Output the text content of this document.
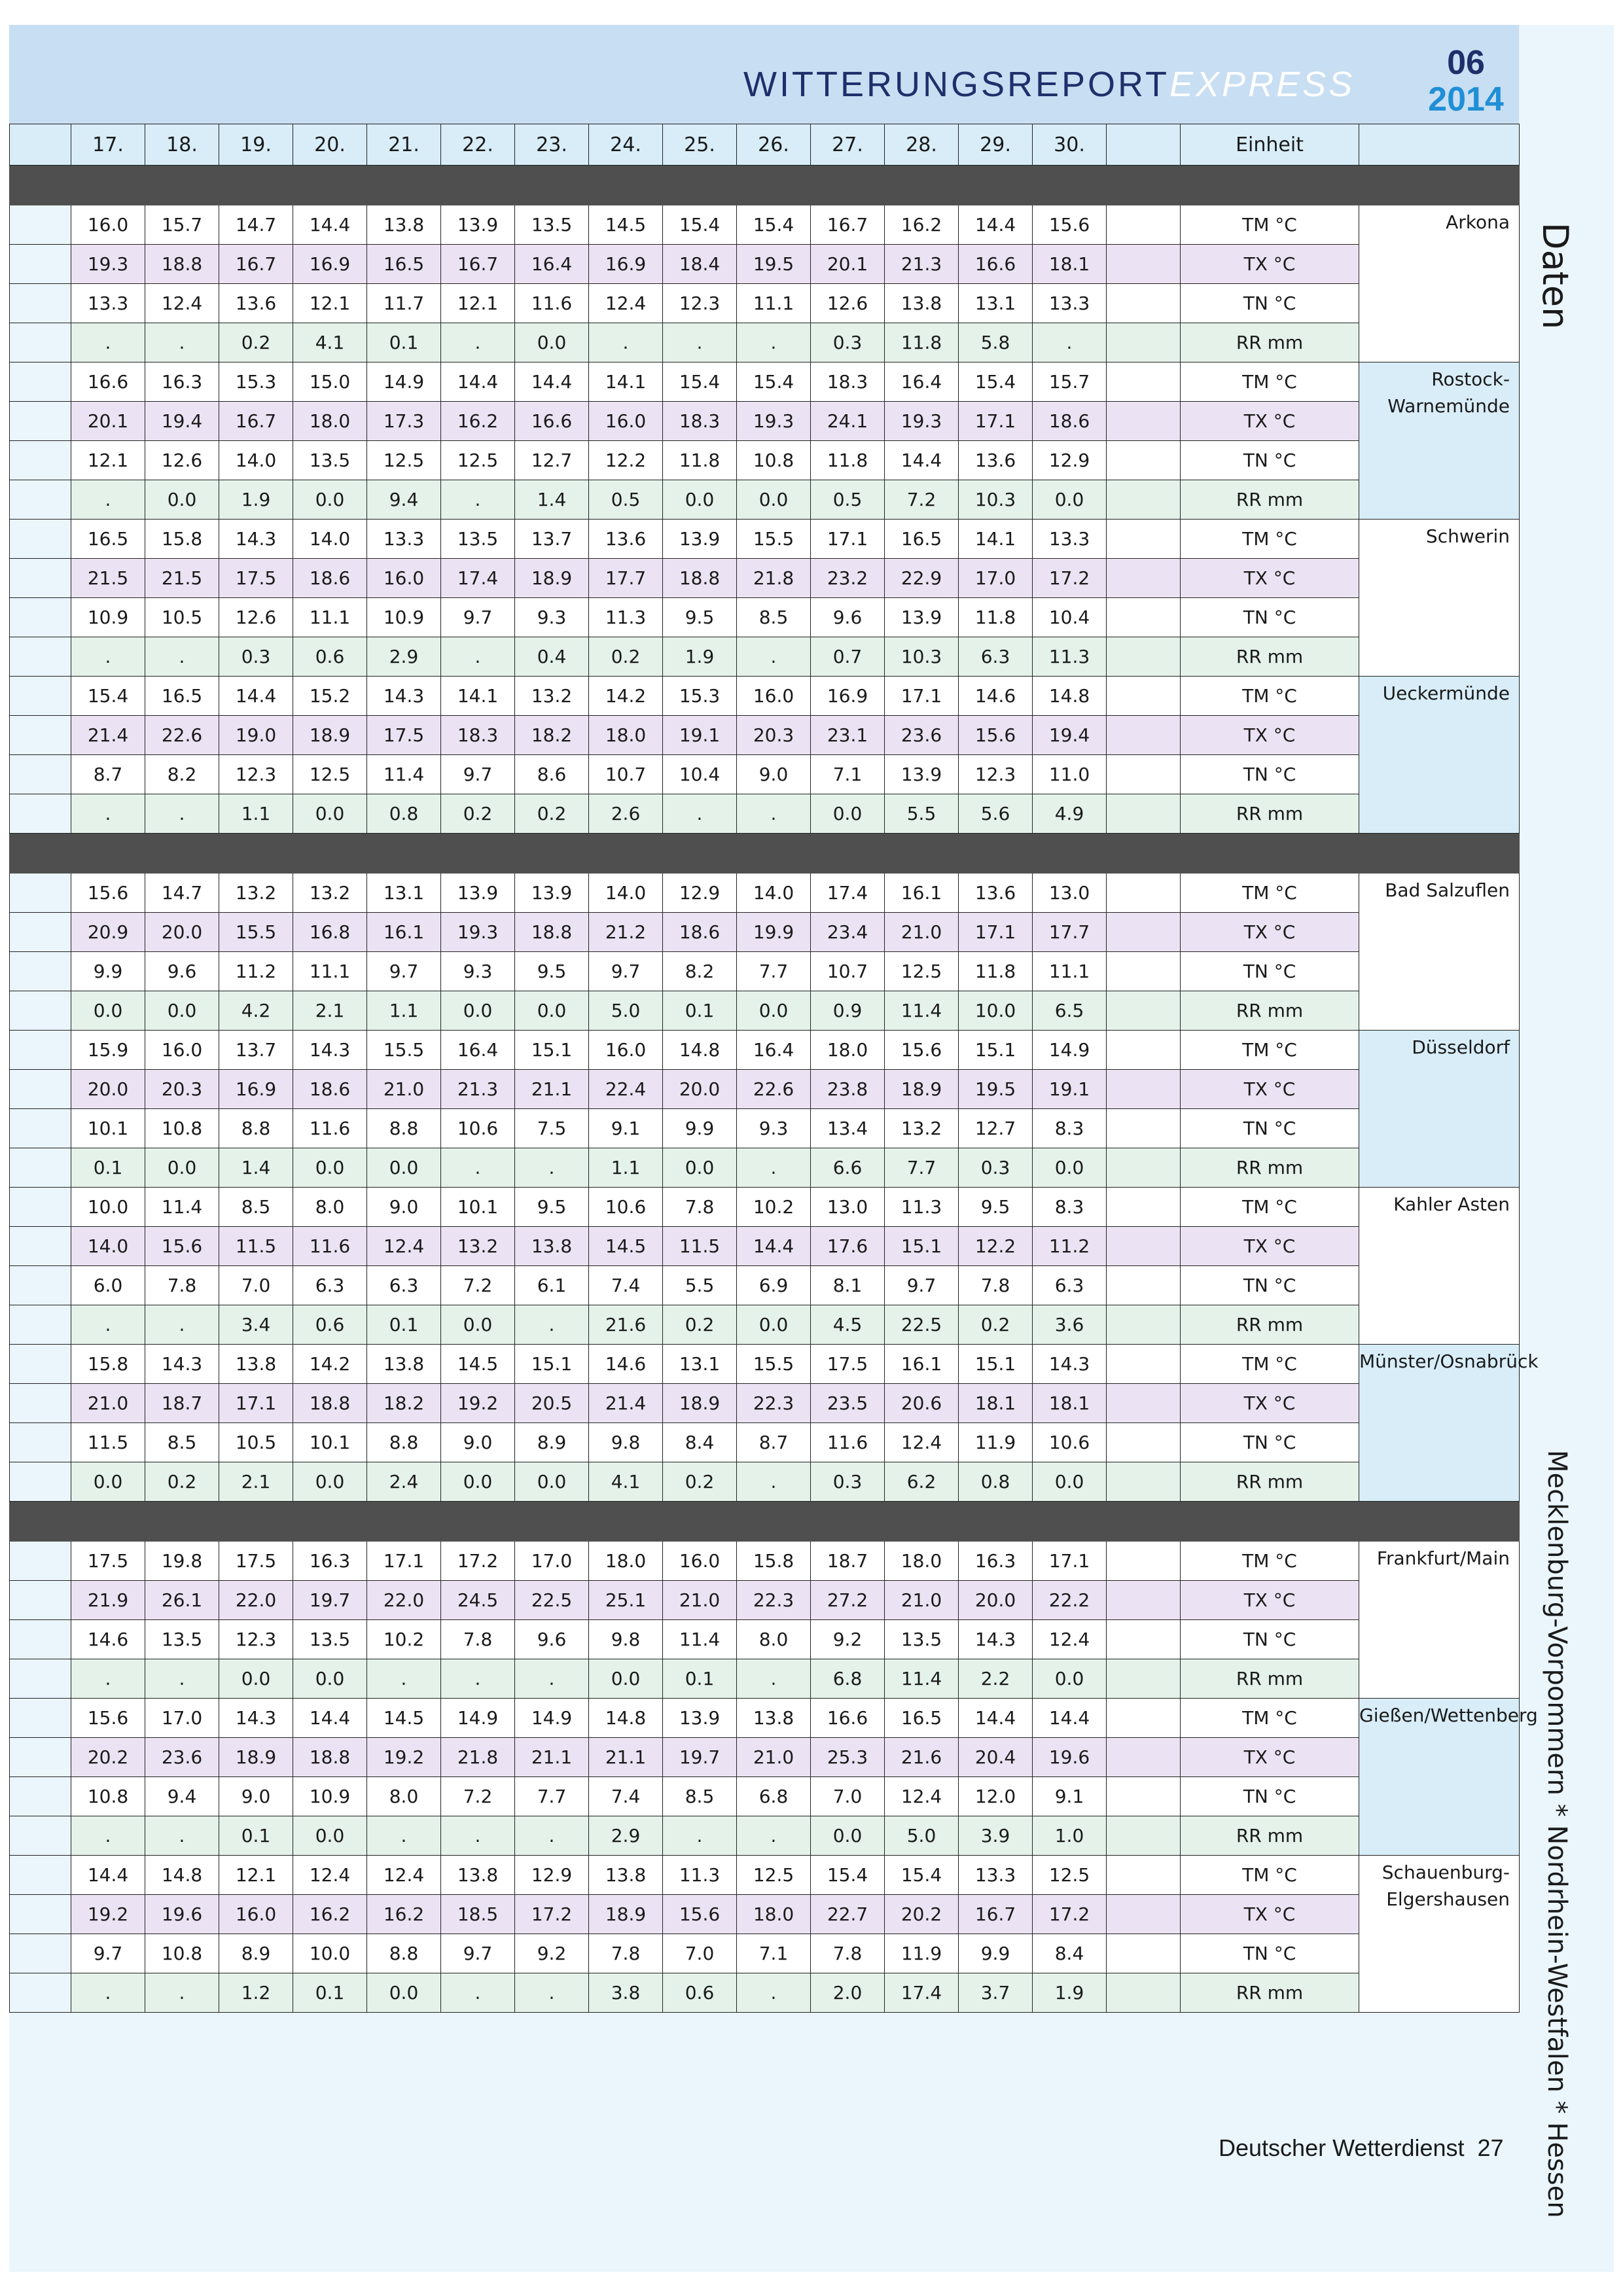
WITTERUNGSREPORTEXPRESS
06
2014
Daten
Mecklenburg-Vorpommern * Nordrhein-Westfalen * Hessen
	17.	18.	19.	20.	21.	22.	23.	24.	25.	26.	27.	28.	29.	30.		Einheit	

	16.0	15.7	14.7	14.4	13.8	13.9	13.5	14.5	15.4	15.4	16.7	16.2	14.4	15.6		TM °C	Arkona
	19.3	18.8	16.7	16.9	16.5	16.7	16.4	16.9	18.4	19.5	20.1	21.3	16.6	18.1		TX °C	
	13.3	12.4	13.6	12.1	11.7	12.1	11.6	12.4	12.3	11.1	12.6	13.8	13.1	13.3		TN °C	
	.	.	0.2	4.1	0.1	.	0.0	.	.	.	0.3	11.8	5.8	.		RR mm	
	16.6	16.3	15.3	15.0	14.9	14.4	14.4	14.1	15.4	15.4	18.3	16.4	15.4	15.7		TM °C	Rostock-Warnemünde
	20.1	19.4	16.7	18.0	17.3	16.2	16.6	16.0	18.3	19.3	24.1	19.3	17.1	18.6		TX °C	
	12.1	12.6	14.0	13.5	12.5	12.5	12.7	12.2	11.8	10.8	11.8	14.4	13.6	12.9		TN °C	
	.	0.0	1.9	0.0	9.4	.	1.4	0.5	0.0	0.0	0.5	7.2	10.3	0.0		RR mm	
	16.5	15.8	14.3	14.0	13.3	13.5	13.7	13.6	13.9	15.5	17.1	16.5	14.1	13.3		TM °C	Schwerin
	21.5	21.5	17.5	18.6	16.0	17.4	18.9	17.7	18.8	21.8	23.2	22.9	17.0	17.2		TX °C	
	10.9	10.5	12.6	11.1	10.9	9.7	9.3	11.3	9.5	8.5	9.6	13.9	11.8	10.4		TN °C	
	.	.	0.3	0.6	2.9	.	0.4	0.2	1.9	.	0.7	10.3	6.3	11.3		RR mm	
	15.4	16.5	14.4	15.2	14.3	14.1	13.2	14.2	15.3	16.0	16.9	17.1	14.6	14.8		TM °C	Ueckermünde
	21.4	22.6	19.0	18.9	17.5	18.3	18.2	18.0	19.1	20.3	23.1	23.6	15.6	19.4		TX °C	
	8.7	8.2	12.3	12.5	11.4	9.7	8.6	10.7	10.4	9.0	7.1	13.9	12.3	11.0		TN °C	
	.	.	1.1	0.0	0.8	0.2	0.2	2.6	.	.	0.0	5.5	5.6	4.9		RR mm	

	15.6	14.7	13.2	13.2	13.1	13.9	13.9	14.0	12.9	14.0	17.4	16.1	13.6	13.0		TM °C	Bad Salzuflen
	20.9	20.0	15.5	16.8	16.1	19.3	18.8	21.2	18.6	19.9	23.4	21.0	17.1	17.7		TX °C	
	9.9	9.6	11.2	11.1	9.7	9.3	9.5	9.7	8.2	7.7	10.7	12.5	11.8	11.1		TN °C	
	0.0	0.0	4.2	2.1	1.1	0.0	0.0	5.0	0.1	0.0	0.9	11.4	10.0	6.5		RR mm	
	15.9	16.0	13.7	14.3	15.5	16.4	15.1	16.0	14.8	16.4	18.0	15.6	15.1	14.9		TM °C	Düsseldorf
	20.0	20.3	16.9	18.6	21.0	21.3	21.1	22.4	20.0	22.6	23.8	18.9	19.5	19.1		TX °C	
	10.1	10.8	8.8	11.6	8.8	10.6	7.5	9.1	9.9	9.3	13.4	13.2	12.7	8.3		TN °C	
	0.1	0.0	1.4	0.0	0.0	.	.	1.1	0.0	.	6.6	7.7	0.3	0.0		RR mm	
	10.0	11.4	8.5	8.0	9.0	10.1	9.5	10.6	7.8	10.2	13.0	11.3	9.5	8.3		TM °C	Kahler Asten
	14.0	15.6	11.5	11.6	12.4	13.2	13.8	14.5	11.5	14.4	17.6	15.1	12.2	11.2		TX °C	
	6.0	7.8	7.0	6.3	6.3	7.2	6.1	7.4	5.5	6.9	8.1	9.7	7.8	6.3		TN °C	
	.	.	3.4	0.6	0.1	0.0	.	21.6	0.2	0.0	4.5	22.5	0.2	3.6		RR mm	
	15.8	14.3	13.8	14.2	13.8	14.5	15.1	14.6	13.1	15.5	17.5	16.1	15.1	14.3		TM °C	Münster/Osnabrück
	21.0	18.7	17.1	18.8	18.2	19.2	20.5	21.4	18.9	22.3	23.5	20.6	18.1	18.1		TX °C	
	11.5	8.5	10.5	10.1	8.8	9.0	8.9	9.8	8.4	8.7	11.6	12.4	11.9	10.6		TN °C	
	0.0	0.2	2.1	0.0	2.4	0.0	0.0	4.1	0.2	.	0.3	6.2	0.8	0.0		RR mm	

	17.5	19.8	17.5	16.3	17.1	17.2	17.0	18.0	16.0	15.8	18.7	18.0	16.3	17.1		TM °C	Frankfurt/Main
	21.9	26.1	22.0	19.7	22.0	24.5	22.5	25.1	21.0	22.3	27.2	21.0	20.0	22.2		TX °C	
	14.6	13.5	12.3	13.5	10.2	7.8	9.6	9.8	11.4	8.0	9.2	13.5	14.3	12.4		TN °C	
	.	.	0.0	0.0	.	.	.	0.0	0.1	.	6.8	11.4	2.2	0.0		RR mm	
	15.6	17.0	14.3	14.4	14.5	14.9	14.9	14.8	13.9	13.8	16.6	16.5	14.4	14.4		TM °C	Gießen/Wettenberg
	20.2	23.6	18.9	18.8	19.2	21.8	21.1	21.1	19.7	21.0	25.3	21.6	20.4	19.6		TX °C	
	10.8	9.4	9.0	10.9	8.0	7.2	7.7	7.4	8.5	6.8	7.0	12.4	12.0	9.1		TN °C	
	.	.	0.1	0.0	.	.	.	2.9	.	.	0.0	5.0	3.9	1.0		RR mm	
	14.4	14.8	12.1	12.4	12.4	13.8	12.9	13.8	11.3	12.5	15.4	15.4	13.3	12.5		TM °C	Schauenburg-
Elgershausen

	19.2	19.6	16.0	16.2	16.2	18.5	17.2	18.9	15.6	18.0	22.7	20.2	16.7	17.2		TX °C	
	9.7	10.8	8.9	10.0	8.8	9.7	9.2	7.8	7.0	7.1	7.8	11.9	9.9	8.4		TN °C	
	.	.	1.2	0.1	0.0	.	.	3.8	0.6	.	2.0	17.4	3.7	1.9		RR mm	
Deutscher Wetterdienst 27
